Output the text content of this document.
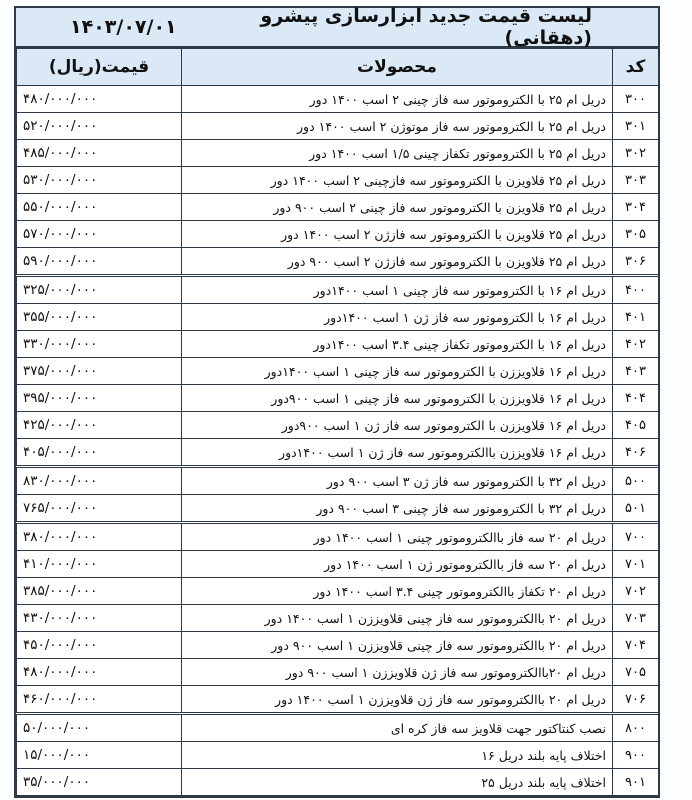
لیست قیمت جدید ابزارسازی پیشرو (دهقانی)
۱۴۰۳/۰۷/۰۱
کد	محصولات	قیمت(ریال)
۳۰۰	دریل ام ۲۵ با الکتروموتور سه فاز چینی ۲ اسب ۱۴۰۰ دور	۴۸۰/۰۰۰/۰۰۰
۳۰۱	دریل ام ۲۵ با الکتروموتور سه فاز موتوژن ۲ اسب ۱۴۰۰ دور	۵۲۰/۰۰۰/۰۰۰
۳۰۲	دریل ام ۲۵ با الکتروموتور تکفاز چینی ۱/۵ اسب ۱۴۰۰ دور	۴۸۵/۰۰۰/۰۰۰
۳۰۳	دریل ام ۲۵ قلاویزن با الکتروموتور سه فازچینی ۲ اسب ۱۴۰۰ دور	۵۳۰/۰۰۰/۰۰۰
۳۰۴	دریل ام ۲۵ قلاویزن با الکتروموتور سه فاز چینی ۲ اسب ۹۰۰ دور	۵۵۰/۰۰۰/۰۰۰
۳۰۵	دریل ام ۲۵ قلاویزن با الکتروموتور سه فازژن ۲ اسب ۱۴۰۰ دور	۵۷۰/۰۰۰/۰۰۰
۳۰۶	دریل ام ۲۵ قلاویزن با الکتروموتور سه فازژن ۲ اسب ۹۰۰ دور	۵۹۰/۰۰۰/۰۰۰
۴۰۰	دریل ام ۱۶ با الکتروموتور سه فاز چینی ۱ اسب ۱۴۰۰دور	۳۲۵/۰۰۰/۰۰۰
۴۰۱	دریل ام ۱۶ با الکتروموتور سه فاز ژن ۱ اسب ۱۴۰۰دور	۳۵۵/۰۰۰/۰۰۰
۴۰۲	دریل ام ۱۶ با الکتروموتور تکفاز چینی ۳.۴ اسب ۱۴۰۰دور	۳۳۰/۰۰۰/۰۰۰
۴۰۳	دریل ام ۱۶ قلاویززن با الکتروموتور سه فاز چینی ۱ اسب ۱۴۰۰دور	۳۷۵/۰۰۰/۰۰۰
۴۰۴	دریل ام ۱۶ قلاویززن با الکتروموتور سه فاز چینی ۱ اسب ۹۰۰دور	۳۹۵/۰۰۰/۰۰۰
۴۰۵	دریل ام ۱۶ قلاویززن با الکتروموتور سه فاز ژن ۱ اسب ۹۰۰دور	۴۲۵/۰۰۰/۰۰۰
۴۰۶	دریل ام ۱۶ قلاویززن باالکتروموتور سه فاز ژن ۱ اسب ۱۴۰۰دور	۴۰۵/۰۰۰/۰۰۰
۵۰۰	دریل ام ۳۲ با الکتروموتور سه فاز ژن ۳ اسب ۹۰۰ دور	۸۳۰/۰۰۰/۰۰۰
۵۰۱	دریل ام ۳۲ با الکتروموتور سه فاز چینی ۳ اسب ۹۰۰ دور	۷۶۵/۰۰۰/۰۰۰
۷۰۰	دریل ام ۲۰ سه فاز باالکتروموتور چینی ۱ اسب ۱۴۰۰ دور	۳۸۰/۰۰۰/۰۰۰
۷۰۱	دریل ام ۲۰ سه فاز باالکتروموتور ژن ۱ اسب ۱۴۰۰ دور	۴۱۰/۰۰۰/۰۰۰
۷۰۲	دریل ام ۲۰ تکفاز باالکتروموتور چینی ۳.۴ اسب ۱۴۰۰ دور	۳۸۵/۰۰۰/۰۰۰
۷۰۳	دریل ام ۲۰ باالکتروموتور سه فاز چینی قلاویززن ۱ اسب ۱۴۰۰ دور	۴۳۰/۰۰۰/۰۰۰
۷۰۴	دریل ام ۲۰ باالکتروموتور سه فاز چینی قلاویززن ۱ اسب ۹۰۰ دور	۴۵۰/۰۰۰/۰۰۰
۷۰۵	دریل ام ۲۰باالکتروموتور سه فاز ژن قلاویززن ۱ اسب ۹۰۰ دور	۴۸۰/۰۰۰/۰۰۰
۷۰۶	دریل ام ۲۰ باالکتروموتور سه فاز ژن قلاویززن ۱ اسب ۱۴۰۰ دور	۴۶۰/۰۰۰/۰۰۰
۸۰۰	نصب کنتاکتور جهت قلاویز سه فاز کره ای	۵۰/۰۰۰/۰۰۰
۹۰۰	اختلاف پایه بلند دریل ۱۶	۱۵/۰۰۰/۰۰۰
۹۰۱	اختلاف پایه بلند دریل ۲۵	۳۵/۰۰۰/۰۰۰
